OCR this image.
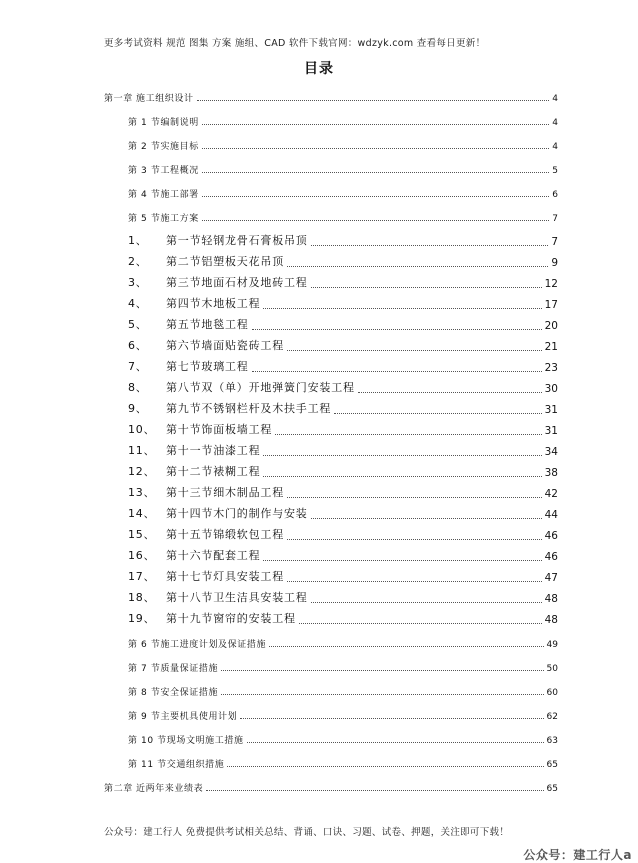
更多考试资料 规范 图集 方案 施组、CAD 软件下载官网：wdzyk.com 查看每日更新！
目录
第一章 施工组织设计	4
第 1 节 编制说明	4
第 2 节 实施目标	4
第 3 节 工程概况	5
第 4 节 施工部署	6
第 5 节 施工方案	7
1、	第一节轻钢龙骨石膏板吊顶	7
2、	第二节铝塑板天花吊顶	9
3、	第三节地面石材及地砖工程	12
4、	第四节木地板工程	17
5、	第五节地毯工程	20
6、	第六节墙面贴瓷砖工程	21
7、	第七节玻璃工程	23
8、	第八节双（单）开地弹簧门安装工程	30
9、	第九节不锈钢栏杆及木扶手工程	31
10、 第十节饰面板墙工程	31
11、 第十一节油漆工程	34
12、 第十二节裱糊工程	38
13、 第十三节细木制品工程	42
14、 第十四节木门的制作与安装	44
15、 第十五节锦缎软包工程	46
16、 第十六节配套工程	46
17、 第十七节灯具安装工程	47
18、 第十八节卫生洁具安装工程	48
19、 第十九节窗帘的安装工程	48
第 6 节 施工进度计划及保证措施	49
第 7 节 质量保证措施	50
第 8 节 安全保证措施	60
第 9 节 主要机具使用计划	62
第 10 节 现场文明施工措施	63
第 11 节 交通组织措施	65
第二章 近两年来业绩表	65
公众号：建工行人 免费提供考试相关总结、背诵、口诀、习题、试卷、押题，关注即可下载！
公众号：建工行人a
